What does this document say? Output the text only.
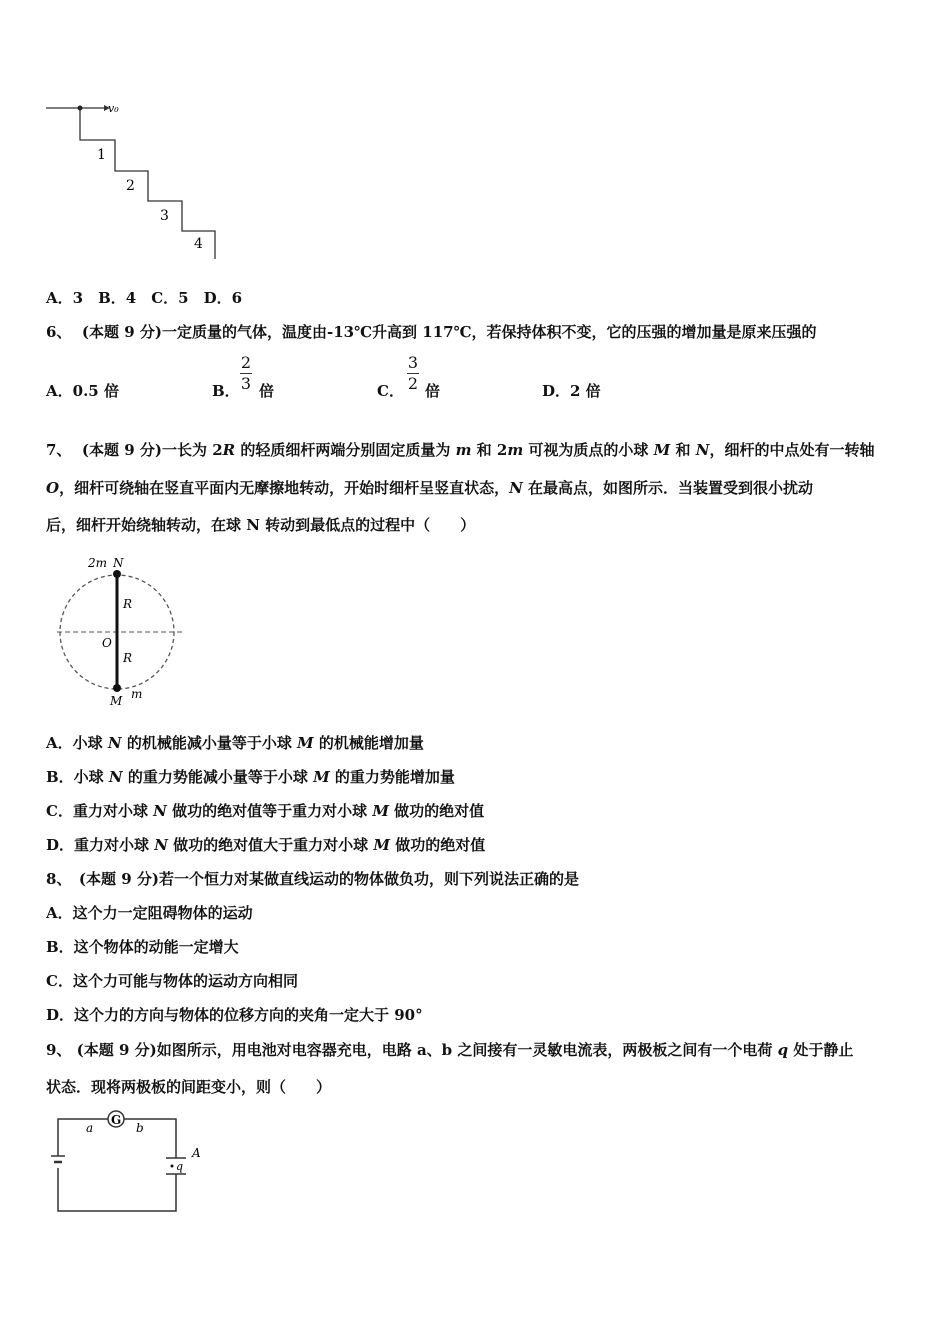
v₀
1
2
3
4
A．3　B．4　C．5　D．6
6、 (本题 9 分)一定质量的气体，温度由-13℃升高到 117℃，若保持体积不变，它的压强的增加量是原来压强的
A．0.5 倍	B．
2
3 倍	C．
3
2 倍	D．2 倍
7、 (本题 9 分)一长为 2R 的轻质细杆两端分别固定质量为 m 和 2m 可视为质点的小球 M 和 N，细杆的中点处有一转轴
O，细杆可绕轴在竖直平面内无摩擦地转动，开始时细杆呈竖直状态，N 在最高点，如图所示．当装置受到很小扰动
后，细杆开始绕轴转动，在球 N 转动到最低点的过程中（　　）
2m N
R
O
R
M m
A．小球 N 的机械能减小量等于小球 M 的机械能增加量
B．小球 N 的重力势能减小量等于小球 M 的重力势能增加量
C．重力对小球 N 做功的绝对值等于重力对小球 M 做功的绝对值
D．重力对小球 N 做功的绝对值大于重力对小球 M 做功的绝对值
8、　(本题 9 分)若一个恒力对某做直线运动的物体做负功，则下列说法正确的是
A．这个力一定阻碍物体的运动
B．这个物体的动能一定增大
C．这个力可能与物体的运动方向相同
D．这个力的方向与物体的位移方向的夹角一定大于 90°
9、 (本题 9 分)如图所示，用电池对电容器充电，电路 a、b 之间接有一灵敏电流表，两极板之间有一个电荷 q 处于静止
状态．现将两极板的间距变小，则（　　）
G
a	b
q
A
